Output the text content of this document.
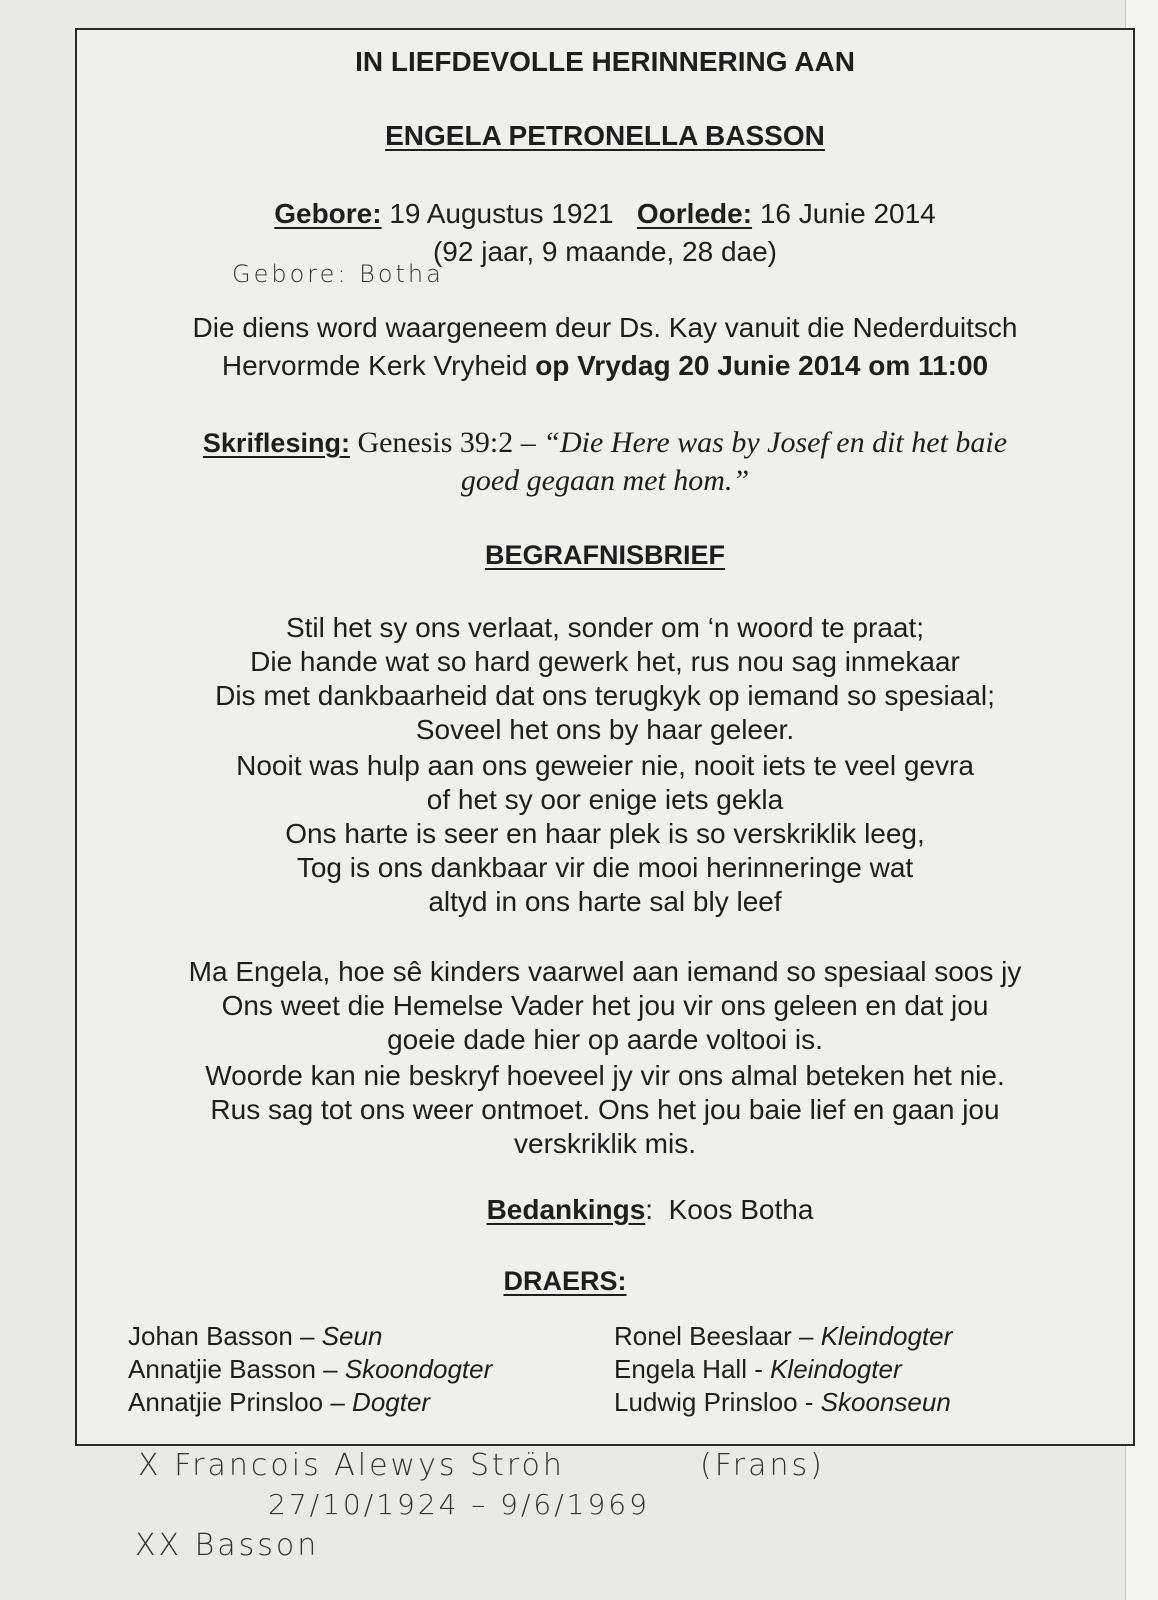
IN LIEFDEVOLLE HERINNERING AAN
ENGELA PETRONELLA BASSON
Gebore: 19 Augustus 1921 Oorlede: 16 Junie 2014
(92 jaar, 9 maande, 28 dae)
Gebore: Botha
Die diens word waargeneem deur Ds. Kay vanuit die Nederduitsch
Hervormde Kerk Vryheid op Vrydag 20 Junie 2014 om 11:00
Skriflesing: Genesis 39:2 – “Die Here was by Josef en dit het baie
goed gegaan met hom.”
BEGRAFNISBRIEF
Stil het sy ons verlaat, sonder om ‘n woord te praat;
Die hande wat so hard gewerk het, rus nou sag inmekaar
Dis met dankbaarheid dat ons terugkyk op iemand so spesiaal;
Soveel het ons by haar geleer.
Nooit was hulp aan ons geweier nie, nooit iets te veel gevra
of het sy oor enige iets gekla
Ons harte is seer en haar plek is so verskriklik leeg,
Tog is ons dankbaar vir die mooi herinneringe wat
altyd in ons harte sal bly leef
Ma Engela, hoe sê kinders vaarwel aan iemand so spesiaal soos jy
Ons weet die Hemelse Vader het jou vir ons geleen en dat jou
goeie dade hier op aarde voltooi is.
Woorde kan nie beskryf hoeveel jy vir ons almal beteken het nie.
Rus sag tot ons weer ontmoet. Ons het jou baie lief en gaan jou
verskriklik mis.
Bedankings:  Koos Botha
DRAERS:
Johan Basson – Seun
Annatjie Basson – Skoondogter
Annatjie Prinsloo – Dogter
Ronel Beeslaar – Kleindogter
Engela Hall - Kleindogter
Ludwig Prinsloo - Skoonseun
X Francois Alewys Ströh	(Frans)
27/10/1924 – 9/6/1969
XX Basson
